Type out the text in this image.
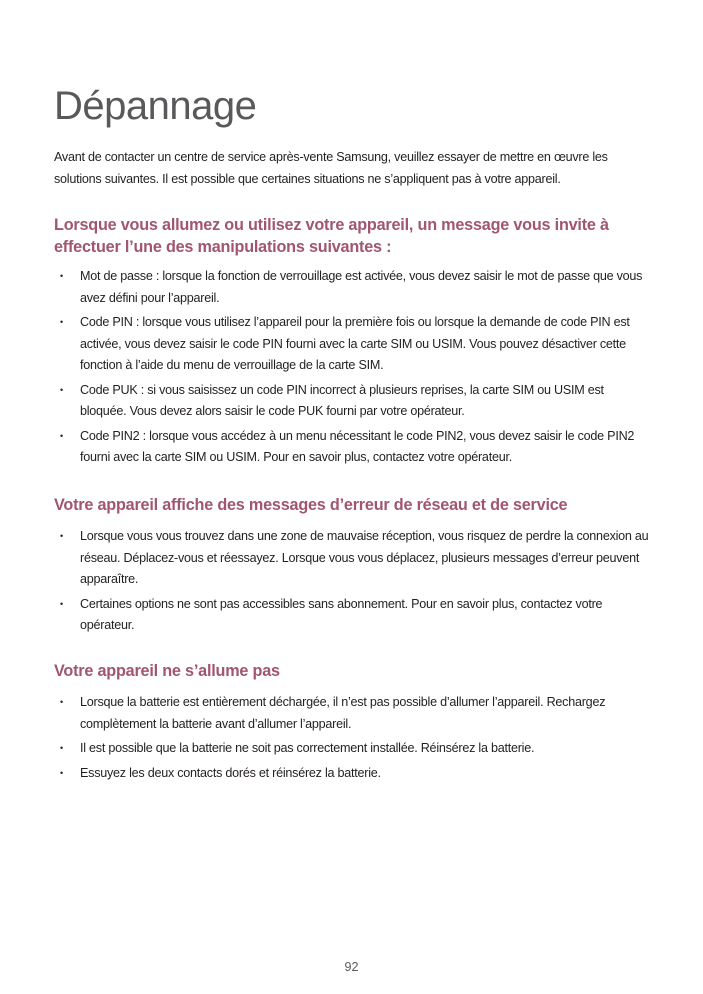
Dépannage

Avant de contacter un centre de service après-vente Samsung, veuillez essayer de mettre en œuvre les solutions suivantes. Il est possible que certaines situations ne s’appliquent pas à votre appareil.

Lorsque vous allumez ou utilisez votre appareil, un message vous invite à effectuer l’une des manipulations suivantes :
• Mot de passe : lorsque la fonction de verrouillage est activée, vous devez saisir le mot de passe que vous avez défini pour l’appareil.
• Code PIN : lorsque vous utilisez l’appareil pour la première fois ou lorsque la demande de code PIN est activée, vous devez saisir le code PIN fourni avec la carte SIM ou USIM. Vous pouvez désactiver cette fonction à l’aide du menu de verrouillage de la carte SIM.
• Code PUK : si vous saisissez un code PIN incorrect à plusieurs reprises, la carte SIM ou USIM est bloquée. Vous devez alors saisir le code PUK fourni par votre opérateur.
• Code PIN2 : lorsque vous accédez à un menu nécessitant le code PIN2, vous devez saisir le code PIN2 fourni avec la carte SIM ou USIM. Pour en savoir plus, contactez votre opérateur.
Votre appareil affiche des messages d’erreur de réseau et de service
• Lorsque vous vous trouvez dans une zone de mauvaise réception, vous risquez de perdre la connexion au réseau. Déplacez-vous et réessayez. Lorsque vous vous déplacez, plusieurs messages d’erreur peuvent apparaître.
• Certaines options ne sont pas accessibles sans abonnement. Pour en savoir plus, contactez votre opérateur.
Votre appareil ne s’allume pas
• Lorsque la batterie est entièrement déchargée, il n’est pas possible d’allumer l’appareil. Rechargez complètement la batterie avant d’allumer l’appareil.
• Il est possible que la batterie ne soit pas correctement installée. Réinsérez la batterie.
• Essuyez les deux contacts dorés et réinsérez la batterie.
92
